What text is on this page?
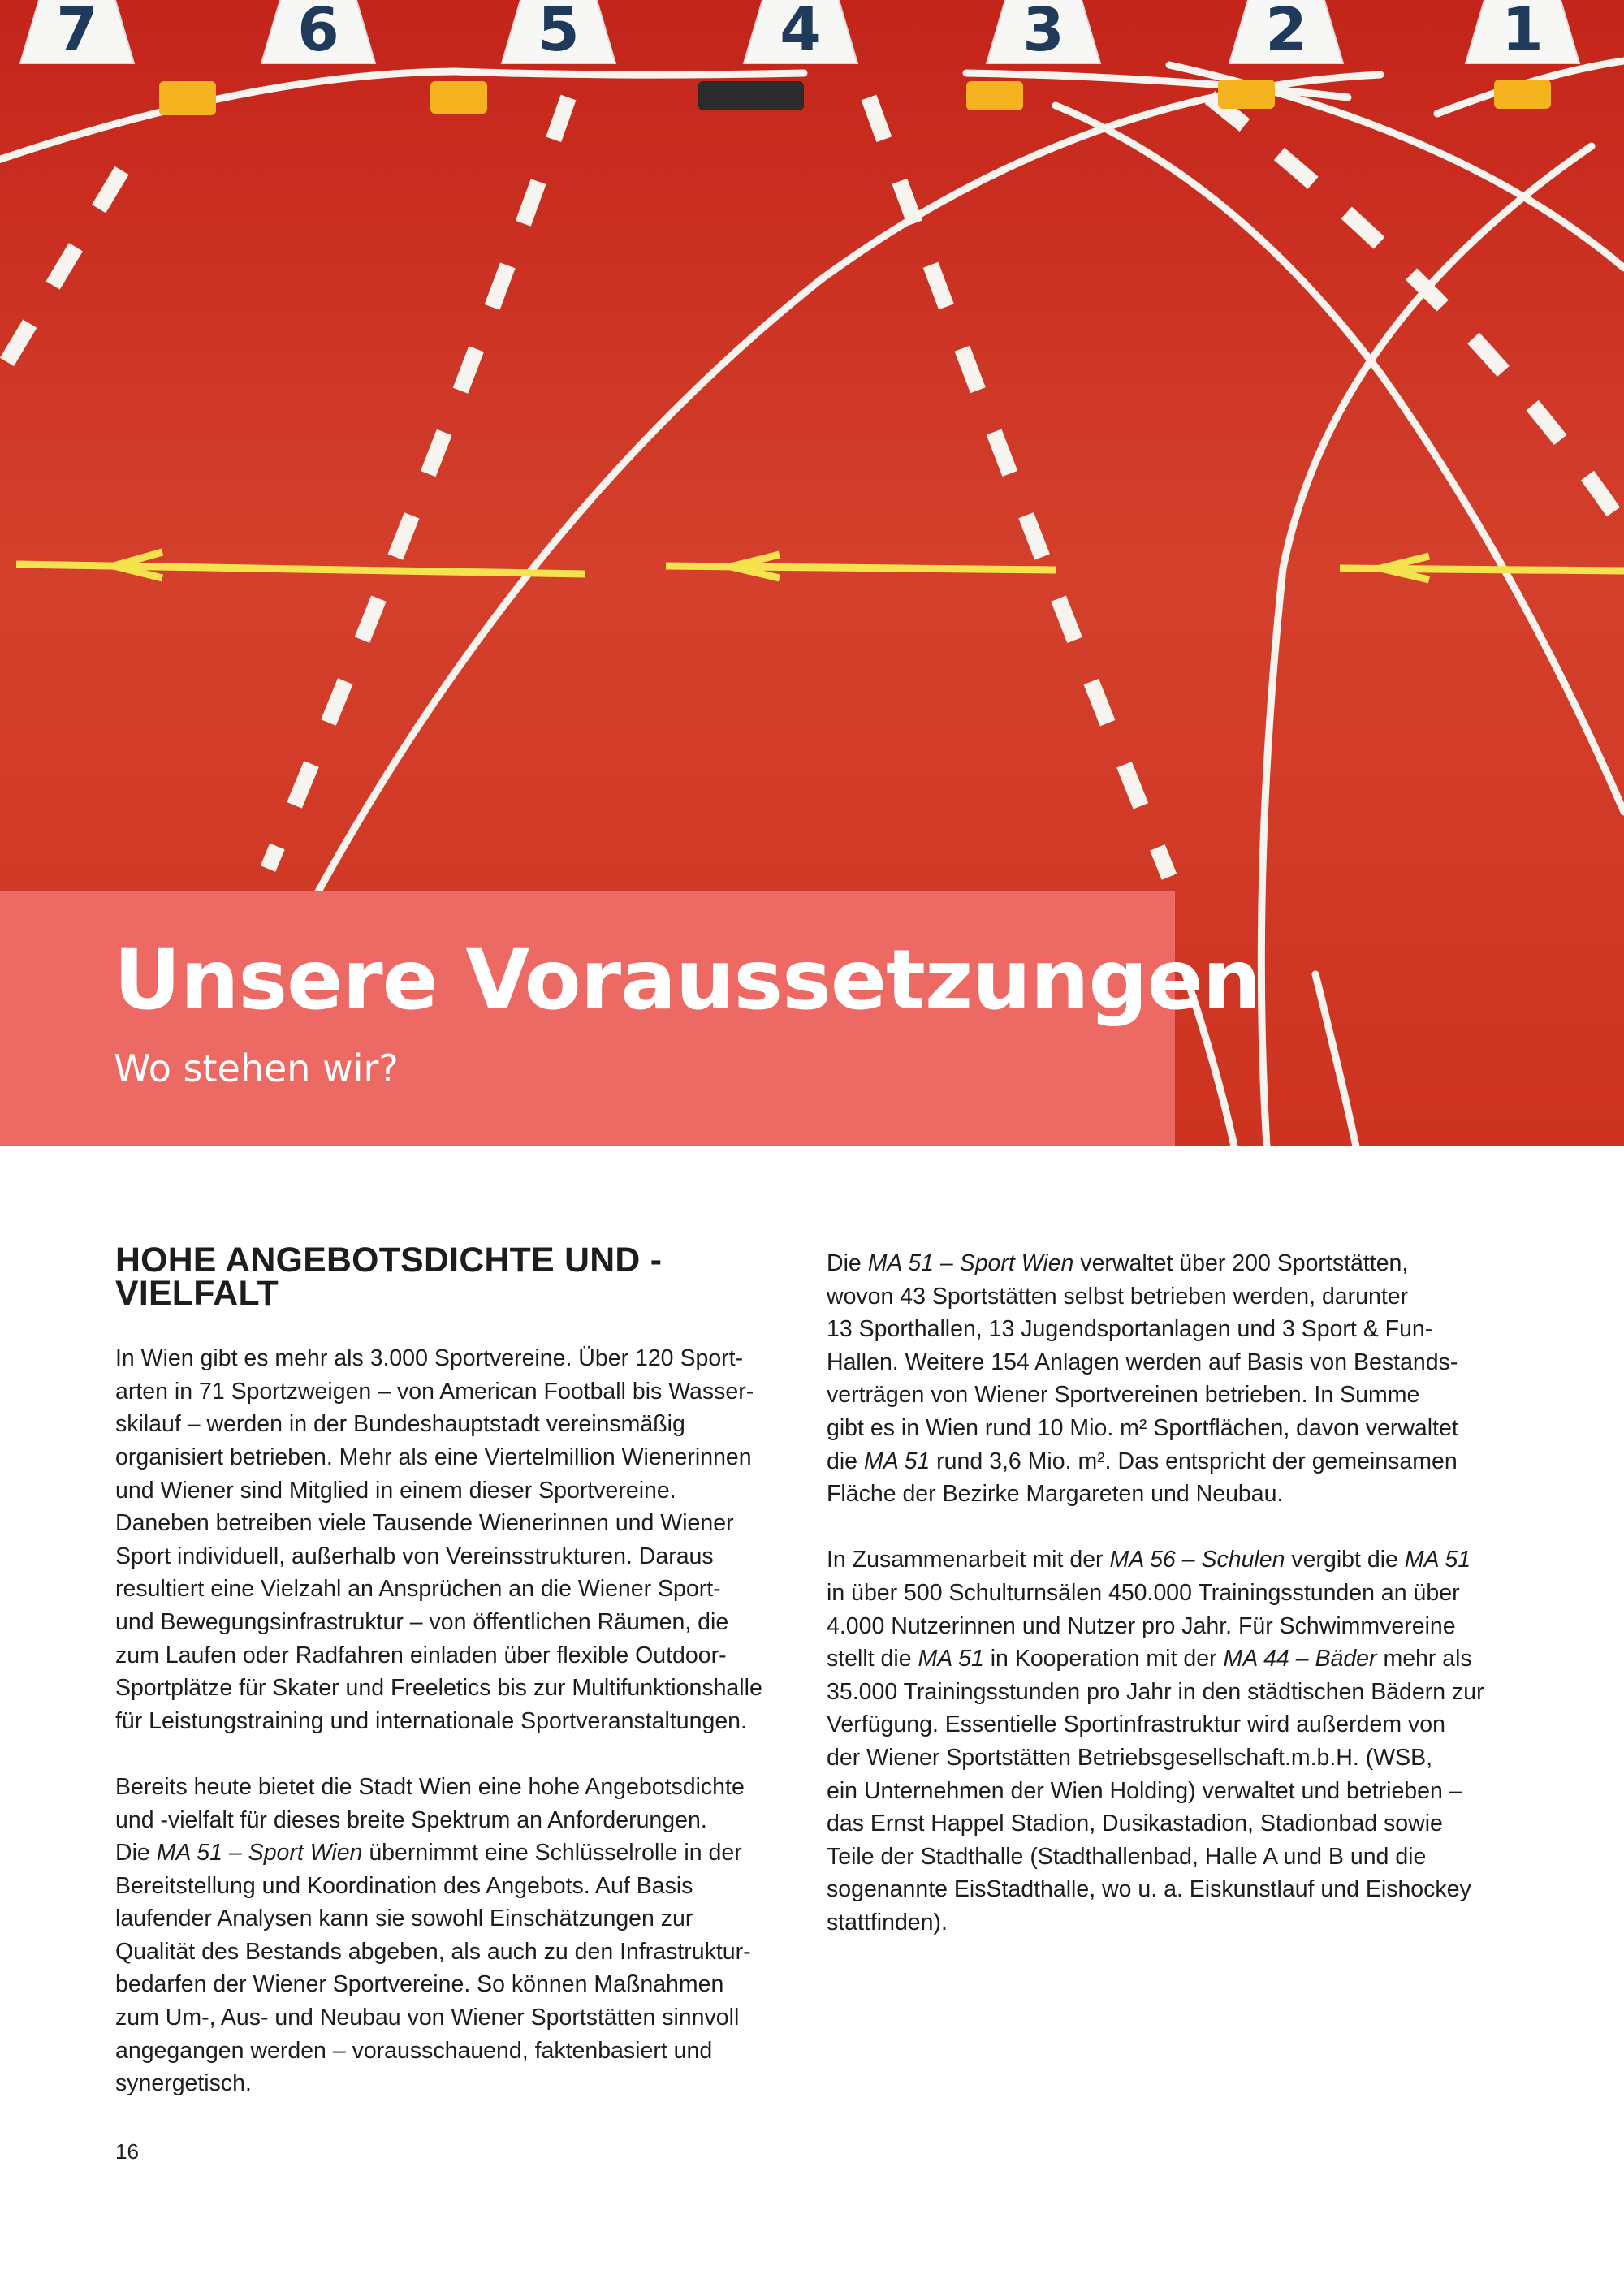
7	6	5	4	3	2	1
Unsere Voraussetzungen

Wo stehen wir?

HOHE ANGEBOTSDICHTE UND -VIELFALT

In Wien gibt es mehr als 3.000 Sportvereine. Über 120 Sport-
arten in 71 Sportzweigen – von American Football bis Wasser-
skilauf – werden in der Bundeshauptstadt vereinsmäßig
organisiert betrieben. Mehr als eine Viertelmillion Wienerinnen
und Wiener sind Mitglied in einem dieser Sportvereine.
Daneben betreiben viele Tausende Wienerinnen und Wiener
Sport individuell, außerhalb von Vereinsstrukturen. Daraus
resultiert eine Vielzahl an Ansprüchen an die Wiener Sport-
und Bewegungsinfrastruktur – von öffentlichen Räumen, die
zum Laufen oder Radfahren einladen über flexible Outdoor-
Sportplätze für Skater und Freeletics bis zur Multifunktionshalle
für Leistungstraining und internationale Sportveranstaltungen.

Bereits heute bietet die Stadt Wien eine hohe Angebotsdichte
und -vielfalt für dieses breite Spektrum an Anforderungen.
Die MA 51 – Sport Wien übernimmt eine Schlüsselrolle in der
Bereitstellung und Koordination des Angebots. Auf Basis
laufender Analysen kann sie sowohl Einschätzungen zur
Qualität des Bestands abgeben, als auch zu den Infrastruktur-
bedarfen der Wiener Sportvereine. So können Maßnahmen
zum Um-, Aus- und Neubau von Wiener Sportstätten sinnvoll
angegangen werden – vorausschauend, faktenbasiert und
synergetisch.

Die MA 51 – Sport Wien verwaltet über 200 Sportstätten,
wovon 43 Sportstätten selbst betrieben werden, darunter
13 Sporthallen, 13 Jugendsportanlagen und 3 Sport & Fun-
Hallen. Weitere 154 Anlagen werden auf Basis von Bestands-
verträgen von Wiener Sportvereinen betrieben. In Summe
gibt es in Wien rund 10 Mio. m² Sportflächen, davon verwaltet
die MA 51 rund 3,6 Mio. m². Das entspricht der gemeinsamen
Fläche der Bezirke Margareten und Neubau.

In Zusammenarbeit mit der MA 56 – Schulen vergibt die MA 51
in über 500 Schulturnsälen 450.000 Trainingsstunden an über
4.000 Nutzerinnen und Nutzer pro Jahr. Für Schwimmvereine
stellt die MA 51 in Kooperation mit der MA 44 – Bäder mehr als
35.000 Trainingsstunden pro Jahr in den städtischen Bädern zur
Verfügung. Essentielle Sportinfrastruktur wird außerdem von
der Wiener Sportstätten Betriebsgesellschaft.m.b.H. (WSB,
ein Unternehmen der Wien Holding) verwaltet und betrieben –
das Ernst Happel Stadion, Dusikastadion, Stadionbad sowie
Teile der Stadthalle (Stadthallenbad, Halle A und B und die
sogenannte EisStadthalle, wo u. a. Eiskunstlauf und Eishockey
stattfinden).

16
